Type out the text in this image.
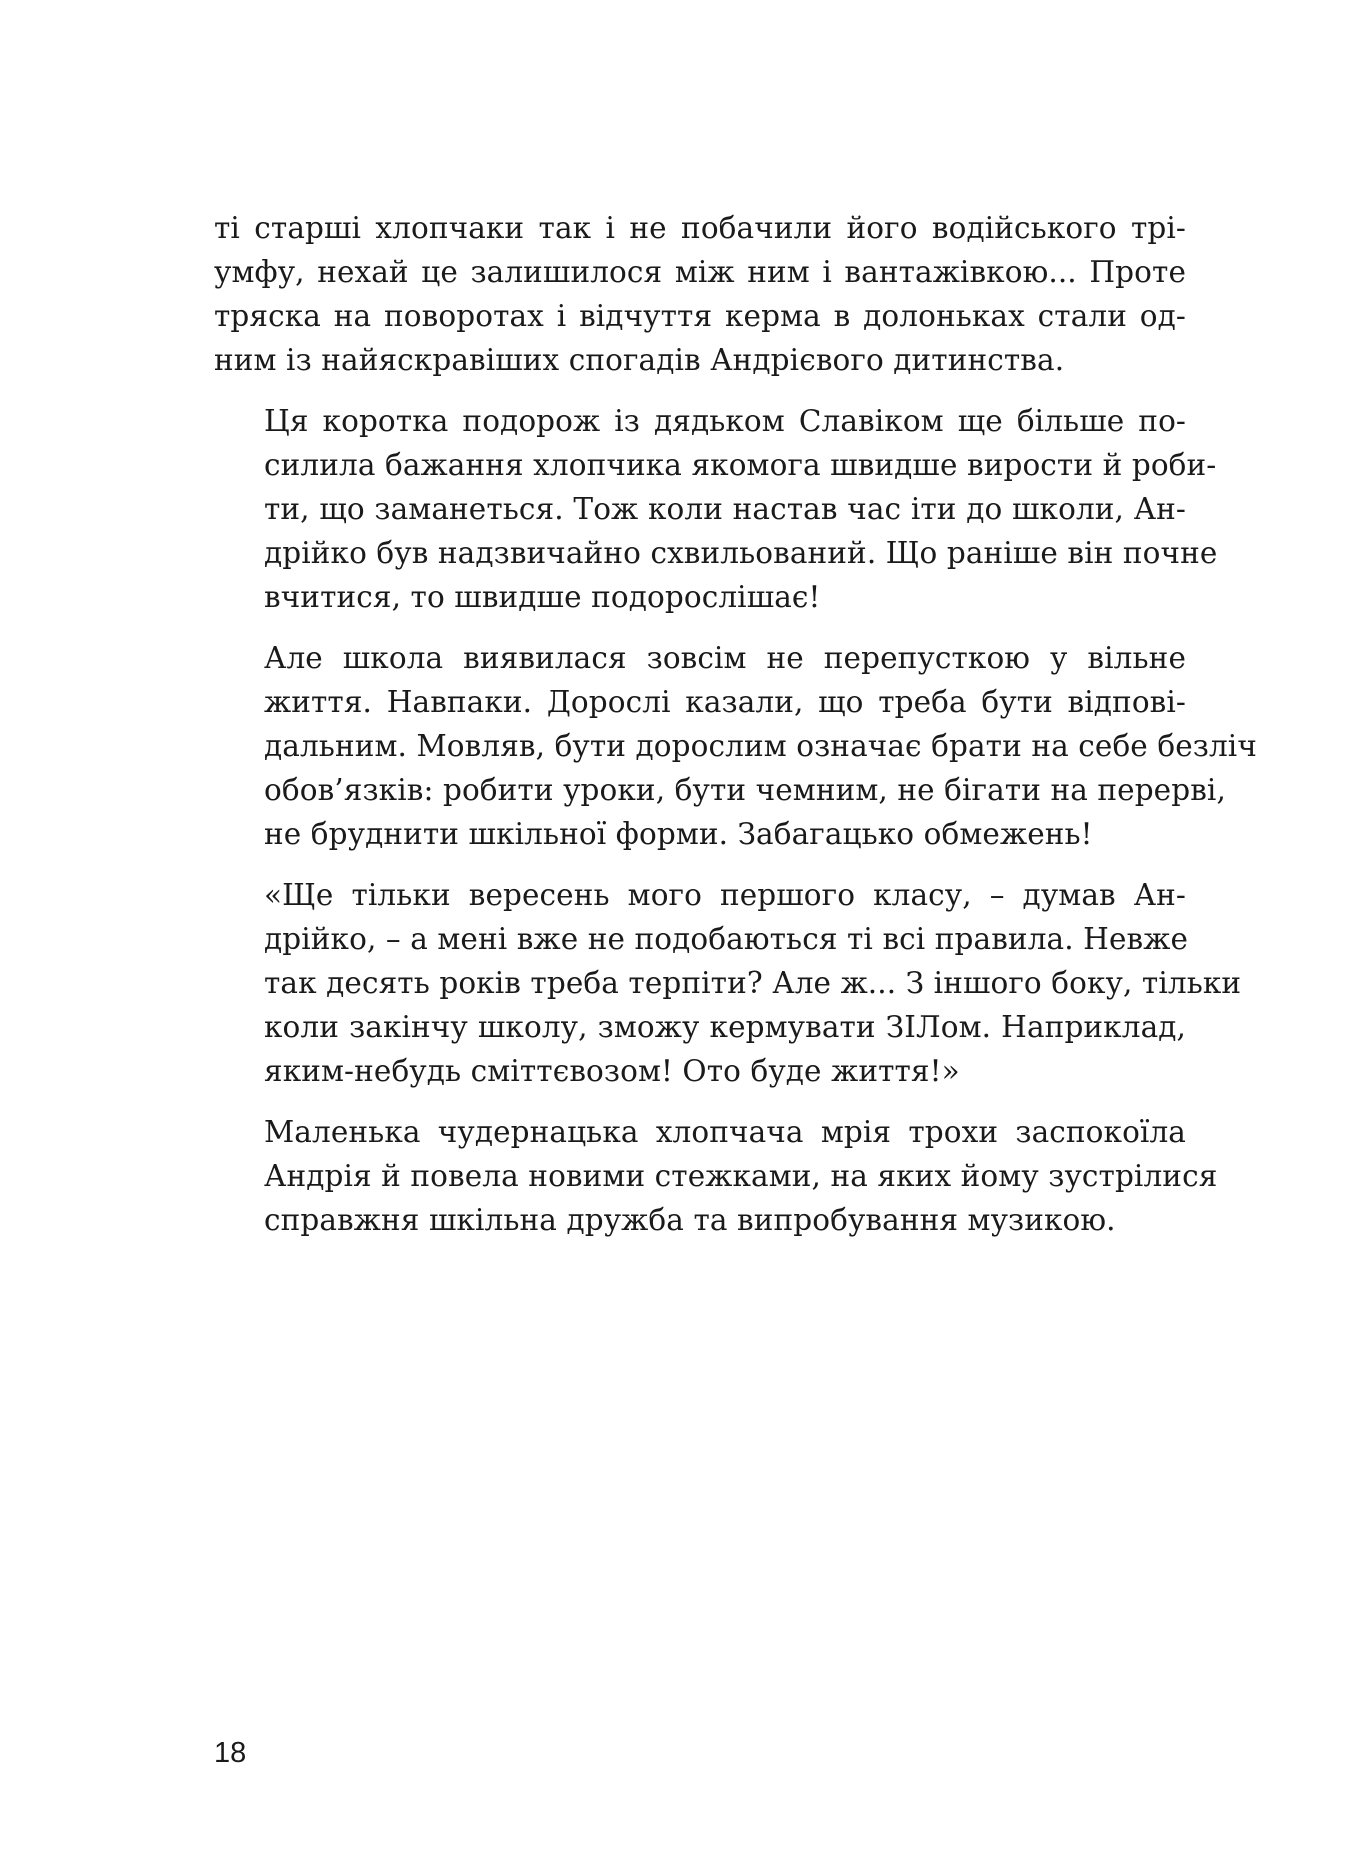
ті старші хлопчаки так і не побачили його водійського трі-
умфу, нехай це залишилося між ним і вантажівкою... Проте
тряска на поворотах і відчуття керма в долоньках стали од-
ним із найяскравіших спогадів Андрієвого дитинства.

Ця коротка подорож із дядьком Славіком ще більше по-
силила бажання хлопчика якомога швидше вирости й роби-
ти, що заманеться. Тож коли настав час іти до школи, Ан-
дрійко був надзвичайно схвильований. Що раніше він почне
вчитися, то швидше подорослішає!

Але школа виявилася зовсім не перепусткою у вільне
життя. Навпаки. Дорослі казали, що треба бути відпові-
дальним. Мовляв, бути дорослим означає брати на себе безліч
обов’язків: робити уроки, бути чемним, не бігати на перерві,
не бруднити шкільної форми. Забагацько обмежень!

«Ще тільки вересень мого першого класу, – думав Ан-
дрійко, – а мені вже не подобаються ті всі правила. Невже
так десять років треба терпіти? Але ж... З іншого боку, тільки
коли закінчу школу, зможу кермувати ЗІЛом. Наприклад,
яким-небудь сміттєвозом! Ото буде життя!»

Маленька чудернацька хлопчача мрія трохи заспокоїла
Андрія й повела новими стежками, на яких йому зустрілися
справжня шкільна дружба та випробування музикою.

18
